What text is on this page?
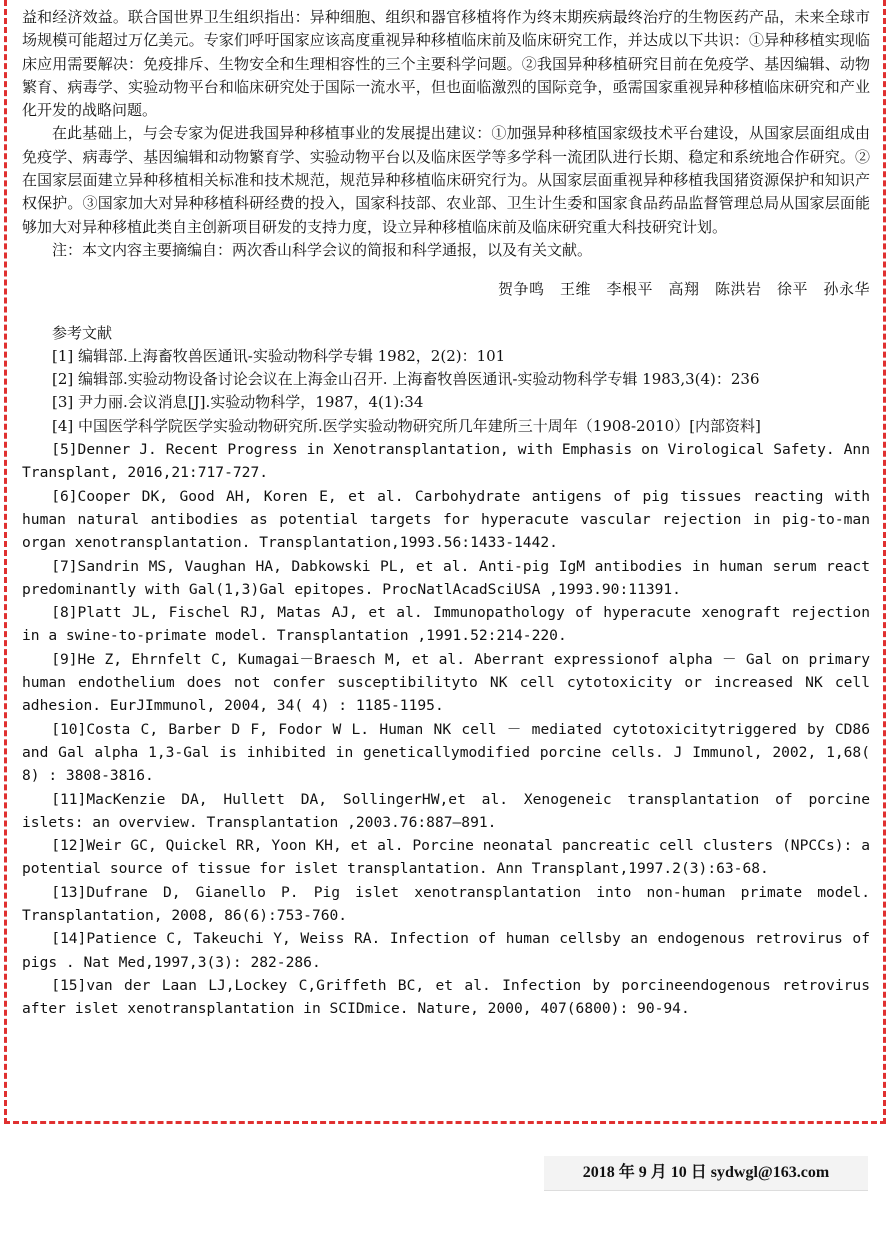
益和经济效益。联合国世界卫生组织指出：异种细胞、组织和器官移植将作为终末期疾病最终治疗的生物医药产品，未来全球市场规模可能超过万亿美元。专家们呼吁国家应该高度重视异种移植临床前及临床研究工作，并达成以下共识：①异种移植实现临床应用需要解决：免疫排斥、生物安全和生理相容性的三个主要科学问题。②我国异种移植研究目前在免疫学、基因编辑、动物繁育、病毒学、实验动物平台和临床研究处于国际一流水平，但也面临激烈的国际竞争，亟需国家重视异种移植临床研究和产业化开发的战略问题。

在此基础上，与会专家为促进我国异种移植事业的发展提出建议：①加强异种移植国家级技术平台建设，从国家层面组成由免疫学、病毒学、基因编辑和动物繁育学、实验动物平台以及临床医学等多学科一流团队进行长期、稳定和系统地合作研究。②在国家层面建立异种移植相关标准和技术规范，规范异种移植临床研究行为。从国家层面重视异种移植我国猪资源保护和知识产权保护。③国家加大对异种移植科研经费的投入，国家科技部、农业部、卫生计生委和国家食品药品监督管理总局从国家层面能够加大对异种移植此类自主创新项目研发的支持力度，设立异种移植临床前及临床研究重大科技研究计划。

注：本文内容主要摘编自：两次香山科学会议的简报和科学通报，以及有关文献。

贺争鸣　王维　李根平　高翔　陈洪岩　徐平　孙永华

参考文献

[1] 编辑部.上海畜牧兽医通讯-实验动物科学专辑 1982，2(2)：101

[2] 编辑部.实验动物设备讨论会议在上海金山召开. 上海畜牧兽医通讯-实验动物科学专辑 1983,3(4)：236

[3] 尹力丽.会议消息[J].实验动物科学，1987，4(1):34

[4] 中国医学科学院医学实验动物研究所.医学实验动物研究所几年建所三十周年（1908-2010）[内部资料]

[5]Denner J. Recent Progress in Xenotransplantation, with Emphasis on Virological Safety. Ann Transplant, 2016,21:717-727.

[6]Cooper DK, Good AH, Koren E, et al. Carbohydrate antigens of pig tissues reacting with human natural antibodies as potential targets for hyperacute vascular rejection in pig-to-man organ xenotransplantation. Transplantation,1993.56:1433-1442.

[7]Sandrin MS, Vaughan HA, Dabkowski PL, et al. Anti-pig IgM antibodies in human serum react predominantly with Gal(1,3)Gal epitopes. ProcNatlAcadSciUSA ,1993.90:11391.

[8]Platt JL, Fischel RJ, Matas AJ, et al. Immunopathology of hyperacute xenograft rejection in a swine-to-primate model. Transplantation ,1991.52:214-220.

[9]He Z, Ehrnfelt C, Kumagai－Braesch M, et al. Aberrant expressionof alpha － Gal on primary human endothelium does not confer susceptibilityto NK cell cytotoxicity or increased NK cell adhesion. EurJImmunol, 2004, 34( 4) : 1185-1195.

[10]Costa C, Barber D F, Fodor W L. Human NK cell － mediated cytotoxicitytriggered by CD86 and Gal alpha 1,3-Gal is inhibited in geneticallymodified porcine cells. J Immunol, 2002, 1,68( 8) : 3808-3816.

[11]MacKenzie DA, Hullett DA, SollingerHW,et al. Xenogeneic transplantation of porcine islets: an overview. Transplantation ,2003.76:887–891.

[12]Weir GC, Quickel RR, Yoon KH, et al. Porcine neonatal pancreatic cell clusters (NPCCs): a potential source of tissue for islet transplantation. Ann Transplant,1997.2(3):63-68.

[13]Dufrane D, Gianello P. Pig islet xenotransplantation into non-human primate model. Transplantation, 2008, 86(6):753-760.

[14]Patience C, Takeuchi Y, Weiss RA. Infection of human cellsby an endogenous retrovirus of pigs . Nat Med,1997,3(3): 282-286.

[15]van der Laan LJ,Lockey C,Griffeth BC, et al. Infection by porcineendogenous retrovirus after islet xenotransplantation in SCIDmice. Nature, 2000, 407(6800): 90-94.

2018 年 9 月 10 日 sydwgl@163.com
